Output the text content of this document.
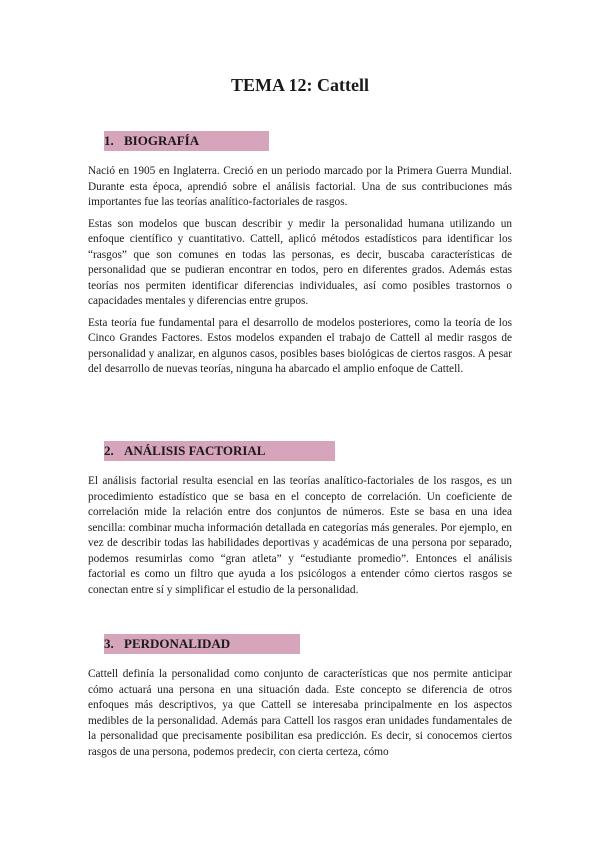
TEMA 12: Cattell
1. BIOGRAFÍA

Nació en 1905 en Inglaterra. Creció en un periodo marcado por la Primera Guerra Mundial. Durante esta época, aprendió sobre el análisis factorial. Una de sus contribuciones más importantes fue las teorías analítico-factoriales de rasgos.

Estas son modelos que buscan describir y medir la personalidad humana utilizando un enfoque científico y cuantitativo. Cattell, aplicó métodos estadísticos para identificar los “rasgos” que son comunes en todas las personas, es decir, buscaba características de personalidad que se pudieran encontrar en todos, pero en diferentes grados. Además estas teorías nos permiten identificar diferencias individuales, así como posibles trastornos o capacidades mentales y diferencias entre grupos.

Esta teoría fue fundamental para el desarrollo de modelos posteriores, como la teoría de los Cinco Grandes Factores. Estos modelos expanden el trabajo de Cattell al medir rasgos de personalidad y analizar, en algunos casos, posibles bases biológicas de ciertos rasgos. A pesar del desarrollo de nuevas teorías, ninguna ha abarcado el amplio enfoque de Cattell.

2. ANÁLISIS FACTORIAL

El análisis factorial resulta esencial en las teorías analítico-factoriales de los rasgos, es un procedimiento estadístico que se basa en el concepto de correlación. Un coeficiente de correlación mide la relación entre dos conjuntos de números. Este se basa en una idea sencilla: combinar mucha información detallada en categorías más generales. Por ejemplo, en vez de describir todas las habilidades deportivas y académicas de una persona por separado, podemos resumirlas como “gran atleta” y “estudiante promedio”. Entonces el análisis factorial es como un filtro que ayuda a los psicólogos a entender cómo ciertos rasgos se conectan entre sí y simplificar el estudio de la personalidad.

3. PERDONALIDAD

Cattell definía la personalidad como conjunto de características que nos permite anticipar cómo actuará una persona en una situación dada. Este concepto se diferencia de otros enfoques más descriptivos, ya que Cattell se interesaba principalmente en los aspectos medibles de la personalidad. Además para Cattell los rasgos eran unidades fundamentales de la personalidad que precisamente posibilitan esa predicción. Es decir, si conocemos ciertos rasgos de una persona, podemos predecir, con cierta certeza, cómo
